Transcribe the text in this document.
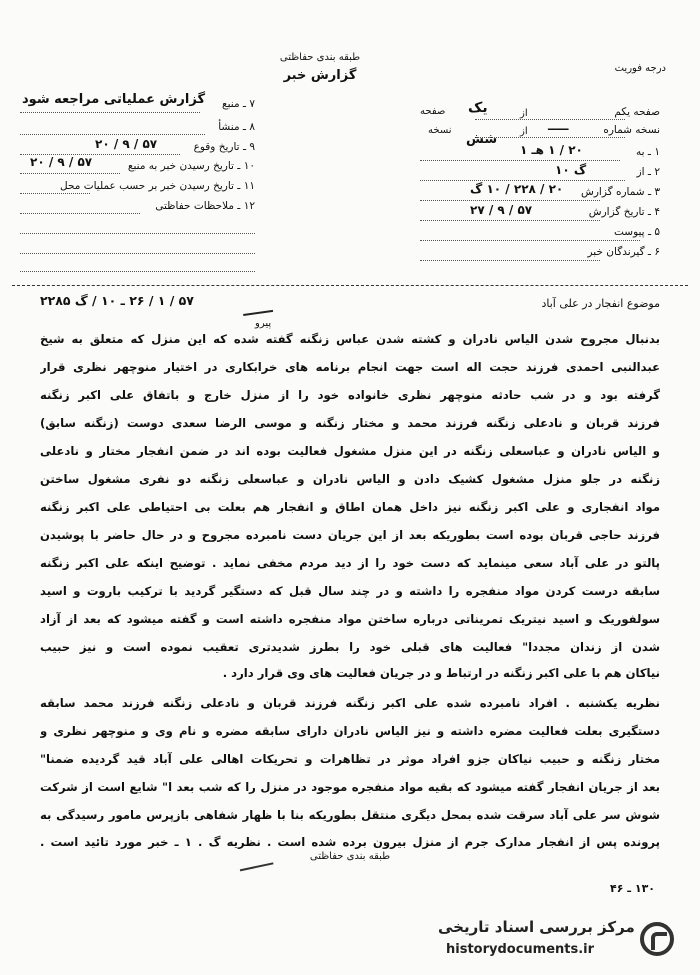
طبقه بندی حفاظتی
گزارش خبر	درجه فوریت
صفحه یکم
یک	از
صفحه
نسخه شماره
ـــــ
از
شش
نسخه
۱ ـ به
۲۰ / ۱ هـ ۱
۲ ـ از
گ ۱۰
۳ ـ شماره گزارش
۲۰ / ۲۲۸ / ۱۰ گ
۴ ـ تاریخ گزارش
۵۷ / ۹ / ۲۷
۵ ـ پیوست
۶ ـ گیرندگان خبر
۷ ـ منبع
گزارش عملیاتی مراجعه شود
۸ ـ منشأ
۹ ـ تاریخ وقوع
۵۷ / ۹ / ۲۰
۱۰ ـ تاریخ رسیدن خبر به منبع
۵۷ / ۹ / ۲۰
۱۱ ـ تاریخ رسیدن خبر بر حسب عملیات محل
۱۲ ـ ملاحظات حفاظتی
موضوع انفجار در علی آباد
۵۷ / ۱ / ۲۶ ـ ۱۰ / گ ۲۲۸۵
پیرو
بدنبال مجروح شدن الیاس نادران و کشته شدن عباس زنگنه گفته شده که این منزل که متعلق به شیخ
عبدالنبی احمدی فرزند حجت اله است جهت انجام برنامه های خرابکاری در اختیار منوچهر نظری قرار
گرفته بود و در شب حادثه منوچهر نظری خانواده خود را از منزل خارج و باتفاق علی اکبر زنگنه
فرزند قربان و نادعلی زنگنه فرزند محمد و مختار زنگنه و موسی الرضا سعدی دوست (زنگنه سابق)
و الیاس نادران و عباسعلی زنگنه در این منزل مشغول فعالیت بوده اند در ضمن انفجار مختار و نادعلی
زنگنه در جلو منزل مشغول کشیک دادن و الیاس نادران و عباسعلی زنگنه دو نفری مشغول ساختن
مواد انفجاری و علی اکبر زنگنه نیز داخل همان اطاق و انفجار هم بعلت بی احتیاطی علی اکبر زنگنه
فرزند حاجی قربان بوده است بطوریکه بعد از این جریان دست نامبرده مجروح و در حال حاضر با پوشیدن
پالتو در علی آباد سعی مینماید که دست خود را از دید مردم مخفی نماید . توضیح اینکه علی اکبر زنگنه
سابقه درست کردن مواد منفجره را داشته و در چند سال قبل که دستگیر گردید با ترکیب باروت و اسید
سولفوریک و اسید نیتریک تمریناتی درباره ساختن مواد منفجره داشته است و گفته میشود که بعد از آزاد
شدن از زندان مجددا" فعالیت های قبلی خود را بطرز شدیدتری تعقیب نموده است و نیز حبیب
نیاکان هم با علی اکبر زنگنه در ارتباط و در جریان فعالیت های وی قرار دارد .
نظریه یکشنبه . افراد نامبرده شده علی اکبر زنگنه فرزند قربان و نادعلی زنگنه فرزند محمد سابقه
دستگیری بعلت فعالیت مضره داشته و نیز الیاس نادران دارای سابقه مضره و نام وی و منوچهر نظری و
مختار زنگنه و حبیب نیاکان جزو افراد موثر در تظاهرات و تحریکات اهالی علی آباد قید گردیده ضمنا"
بعد از جریان انفجار گفته میشود که بقیه مواد منفجره موجود در منزل را که شب بعد ا" شایع است از شرکت
شوش سر علی آباد سرقت شده بمحل دیگری منتقل بطوریکه بنا با ظهار شفاهی بازپرس مامور رسیدگی به
پرونده پس از انفجار مدارک جرم از منزل بیرون برده شده است . نظریه گ . ۱ ـ خبر مورد تائید است .
طبقه بندی حفاظتی
۱۳۰ ـ ۴۶
مرکز بررسی اسناد تاریخی
historydocuments.ir
